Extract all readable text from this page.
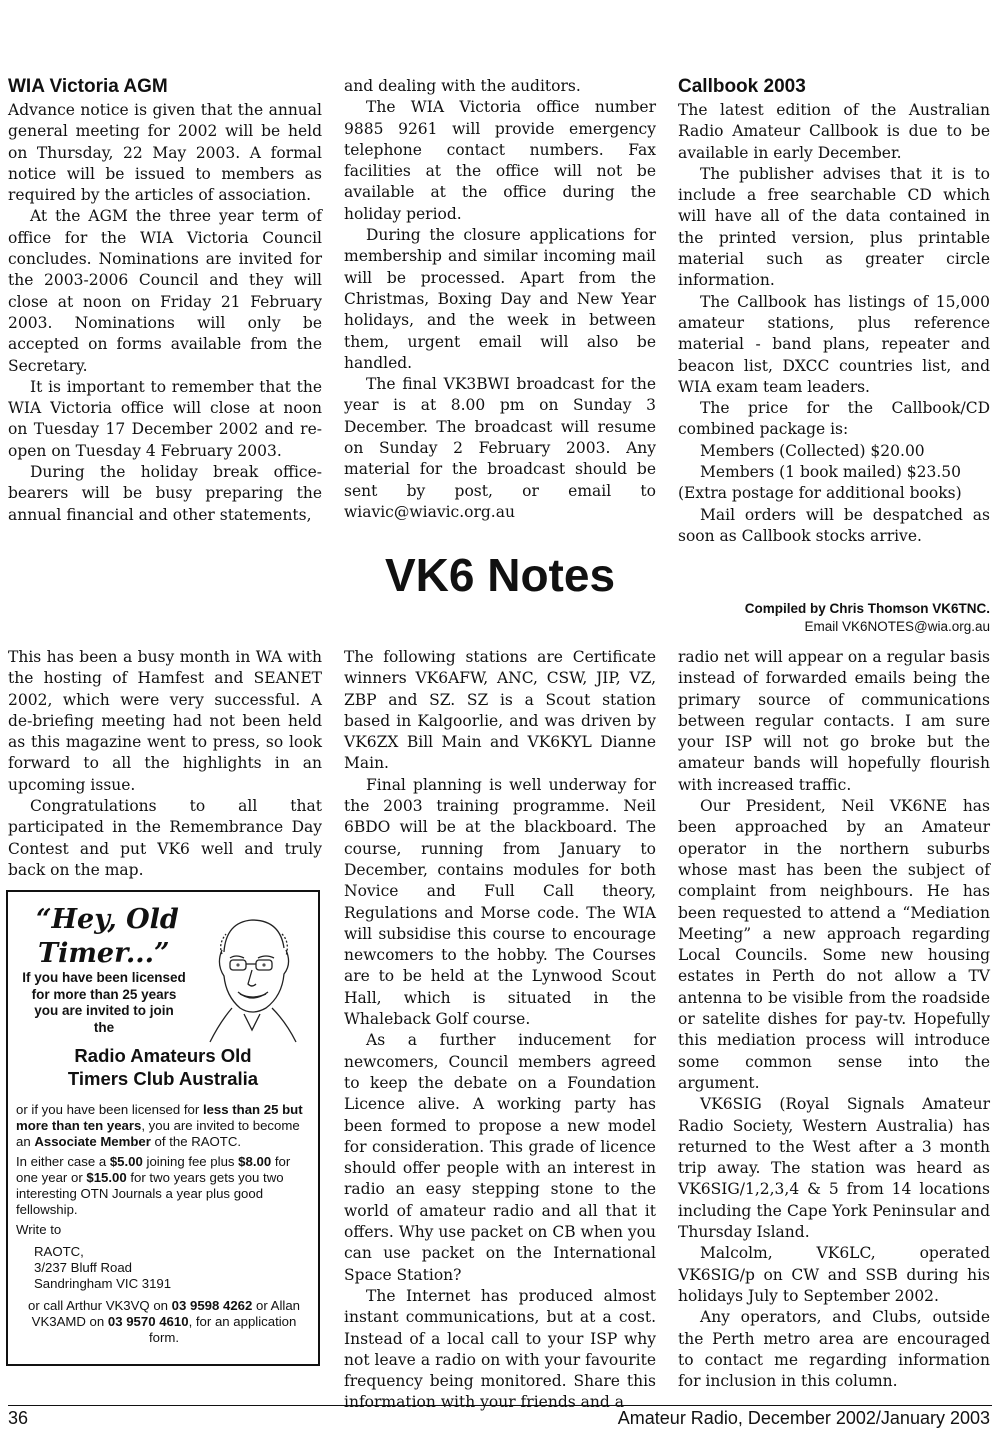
WIA Victoria AGM

Advance notice is given that the annual general meeting for 2002 will be held on Thursday, 22 May 2003. A formal notice will be issued to members as required by the articles of association.

At the AGM the three year term of office for the WIA Victoria Council concludes. Nominations are invited for the 2003-2006 Council and they will close at noon on Friday 21 February 2003. Nominations will only be accepted on forms available from the Secretary.

It is important to remember that the WIA Victoria office will close at noon on Tuesday 17 December 2002 and re-open on Tuesday 4 February 2003.

During the holiday break office-bearers will be busy preparing the annual financial and other statements,

and dealing with the auditors.

The WIA Victoria office number 9885 9261 will provide emergency telephone contact numbers. Fax facilities at the office will not be available at the office during the holiday period.

During the closure applications for membership and similar incoming mail will be processed. Apart from the Christmas, Boxing Day and New Year holidays, and the week in between them, urgent email will also be handled.

The final VK3BWI broadcast for the year is at 8.00 pm on Sunday 3 December. The broadcast will resume on Sunday 2 February 2003. Any material for the broadcast should be sent by post, or email to wiavic@wiavic.org.au

Callbook 2003

The latest edition of the Australian Radio Amateur Callbook is due to be available in early December.

The publisher advises that it is to include a free searchable CD which will have all of the data contained in the printed version, plus printable material such as greater circle information.

The Callbook has listings of 15,000 amateur stations, plus reference material - band plans, repeater and beacon list, DXCC countries list, and WIA exam team leaders.

The price for the Callbook/CD combined package is:

Members (Collected) $20.00

Members (1 book mailed) $23.50

(Extra postage for additional books)

Mail orders will be despatched as soon as Callbook stocks arrive.

VK6 Notes
Compiled by Chris Thomson VK6TNC.
Email VK6NOTES@wia.org.au

This has been a busy month in WA with the hosting of Hamfest and SEANET 2002, which were very successful. A de-briefing meeting had not been held as this magazine went to press, so look forward to all the highlights in an upcoming issue.

Congratulations to all that participated in the Remembrance Day Contest and put VK6 well and truly back on the map.

The following stations are Certificate winners VK6AFW, ANC, CSW, JIP, VZ, ZBP and SZ. SZ is a Scout station based in Kalgoorlie, and was driven by VK6ZX Bill Main and VK6KYL Dianne Main.

Final planning is well underway for the 2003 training programme. Neil 6BDO will be at the blackboard. The course, running from January to December, contains modules for both Novice and Full Call theory, Regulations and Morse code. The WIA will subsidise this course to encourage newcomers to the hobby. The Courses are to be held at the Lynwood Scout Hall, which is situated in the Whaleback Golf course.

As a further inducement for newcomers, Council members agreed to keep the debate on a Foundation Licence alive. A working party has been formed to propose a new model for consideration. This grade of licence should offer people with an interest in radio an easy stepping stone to the world of amateur radio and all that it offers. Why use packet on CB when you can use packet on the International Space Station?

The Internet has produced almost instant communications, but at a cost. Instead of a local call to your ISP why not leave a radio on with your favourite frequency being monitored. Share this information with your friends and a

radio net will appear on a regular basis instead of forwarded emails being the primary source of communications between regular contacts. I am sure your ISP will not go broke but the amateur bands will hopefully flourish with increased traffic.

Our President, Neil VK6NE has been approached by an Amateur operator in the northern suburbs whose mast has been the subject of complaint from neighbours. He has been requested to attend a “Mediation Meeting” a new approach regarding Local Councils. Some new housing estates in Perth do not allow a TV antenna to be visible from the roadside or satelite dishes for pay-tv. Hopefully this mediation process will introduce some common sense into the argument.

VK6SIG (Royal Signals Amateur Radio Society, Western Australia) has returned to the West after a 3 month trip away. The station was heard as VK6SIG/1,2,3,4 & 5 from 14 locations including the Cape York Peninsular and Thursday Island.

Malcolm, VK6LC, operated VK6SIG/p on CW and SSB during his holidays July to September 2002.

Any operators, and Clubs, outside the Perth metro area are encouraged to contact me regarding information for inclusion in this column.

“Hey, Old
Timer...”
If you have been licensed
for more than 25 years
you are invited to join
the
Radio Amateurs Old
Timers Club Australia
or if you have been licensed for less than 25 but more than ten years, you are invited to become an Associate Member of the RAOTC.
In either case a $5.00 joining fee plus $8.00 for one year or $15.00 for two years gets you two interesting OTN Journals a year plus good fellowship.
Write to
RAOTC,
3/237 Bluff Road
Sandringham VIC 3191
or call Arthur VK3VQ on 03 9598 4262 or Allan VK3AMD on 03 9570 4610, for an application form.
36	Amateur Radio, December 2002/January 2003
